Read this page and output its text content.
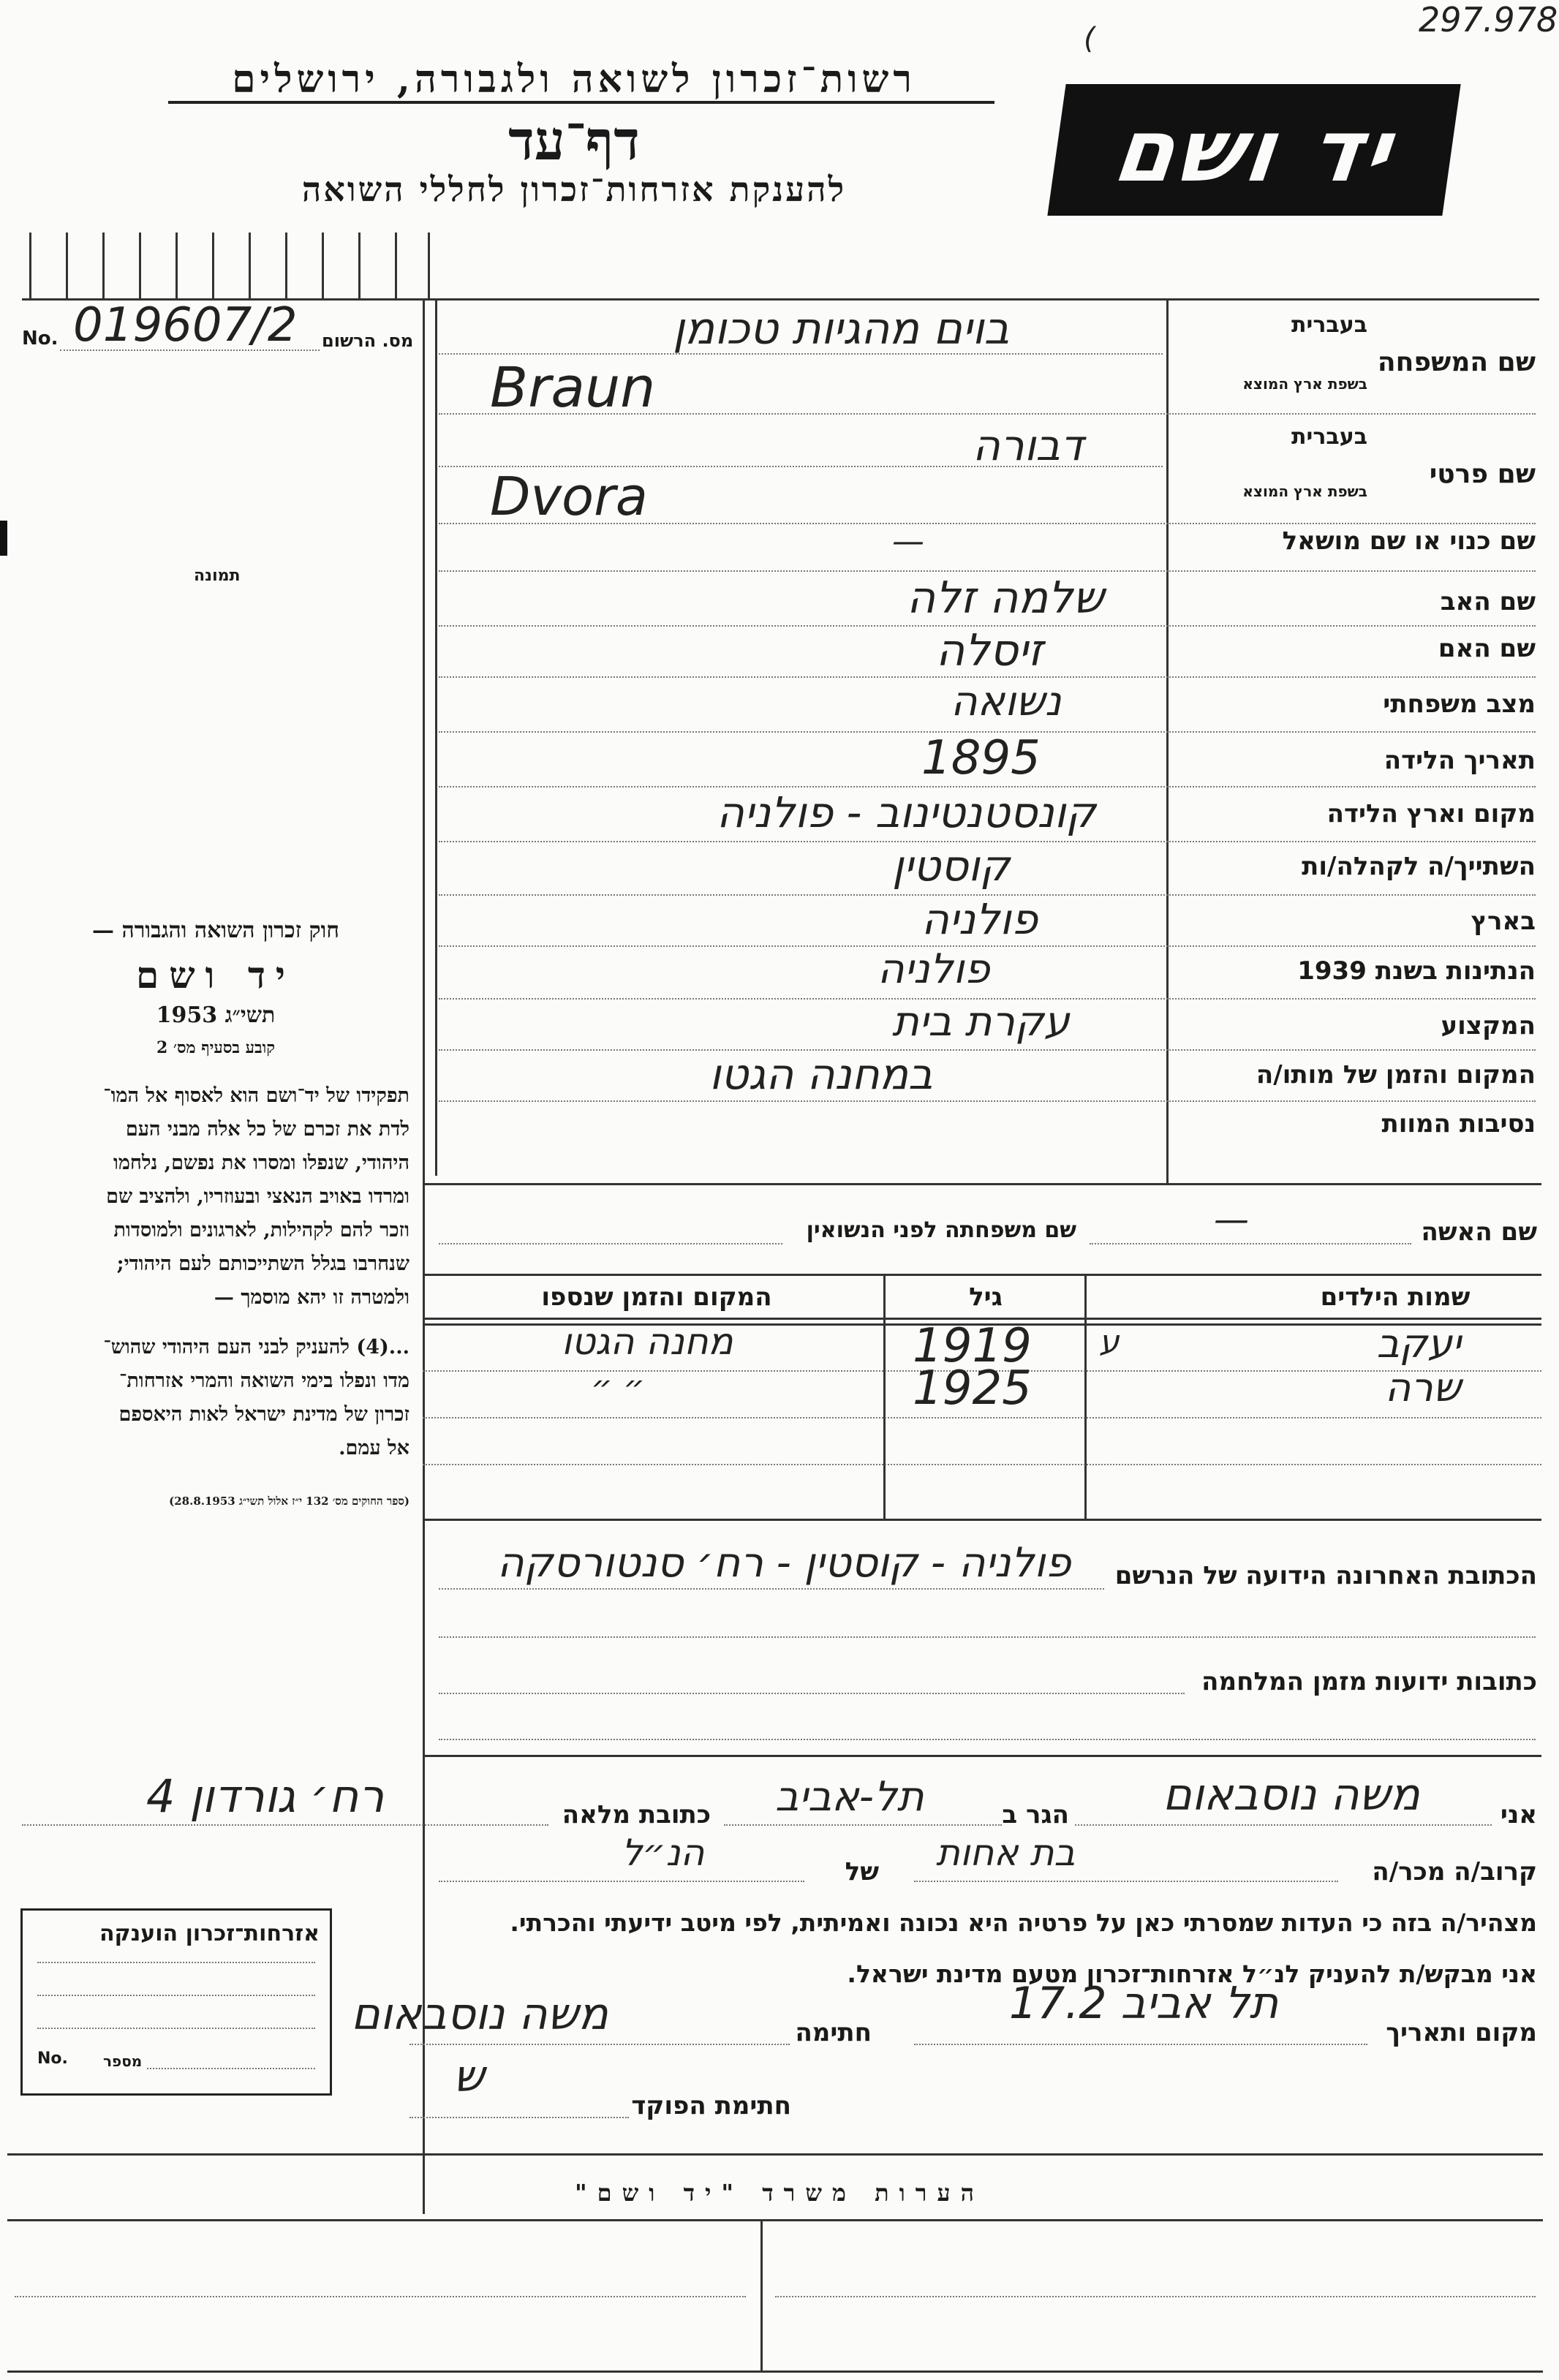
297.978
(
רשות־זכרון לשואה ולגבורה, ירושלים
דף־עד
להענקת אזרחות־זכרון לחללי השואה	יד ושם
מס. הרשום
No. 019607/2
תמונה
שם המשפחה
בעברית
בשפת ארץ המוצא
בוים מהגיות טכומן
Braun
שם פרטי
בעברית
בשפת ארץ המוצא
דבורה
Dvora
שם כנוי או שם מושאל
—
שם האב
שלמה זלה
שם האם
זיסלה
מצב משפחתי
נשואה
תאריך הלידה
1895
מקום וארץ הלידה
קונסטנטינוב - פולניה
השתייך/ה לקהלה/ות
קוסטין
בארץ
פולניה
הנתינות בשנת 1939
פולניה
המקצוע
עקרת בית
המקום והזמן של מותו/ה
במחנה הגטו
נסיבות המוות
חוק זכרון השואה והגבורה —
יד ושם
תשי״ג 1953
קובע בסעיף מס׳ 2

תפקידו של יד־ושם הוא לאסוף אל המו־

לדת את זכרם של כל אלה מבני העם

היהודי, שנפלו ומסרו את נפשם, נלחמו

ומרדו באויב הנאצי ובעוזריו, ולהציב שם

וזכר להם לקהילות, לארגונים ולמוסדות

שנחרבו בגלל השתייכותם לעם היהודי;

ולמטרה זו יהא מוסמך —

...(4) להעניק לבני העם היהודי שהוש־

מדו ונפלו בימי השואה והמרי אזרחות־

זכרון של מדינת ישראל לאות היאספם

אל עמם.

(ספר החוקים מס׳ 132 י״ז אלול תשי״ג 28.8.1953)
שם האשה
שם משפחתה לפני הנשואין	—
שמות הילדים
גיל
המקום והזמן שנספו
יעקב
ע
1919
מחנה הגטו
שרה
1925
״ ״
הכתובת האחרונה הידועה של הנרשם
פולניה - קוסטין - רח׳ סנטורסקה
כתובות ידועות מזמן המלחמה
אני
משה נוסבאום
הגר ב
תל-אביב
כתובת מלאה
רח׳ גורדון 4
קרוב/ה מכר/ה
בת אחות
של
הנ״ל
מצהיר/ה בזה כי העדות שמסרתי כאן על פרטיה היא נכונה ואמיתית, לפי מיטב ידיעתי והכרתי.
אני מבקש/ת להעניק לנ״ל אזרחות־זכרון מטעם מדינת ישראל.
מקום ותאריך
תל אביב 17.2
חתימה
משה נוסבאום
חתימת הפוקד
ש
אזרחות־זכרון הוענקה
No. מספר
הערות משרד "יד ושם"
